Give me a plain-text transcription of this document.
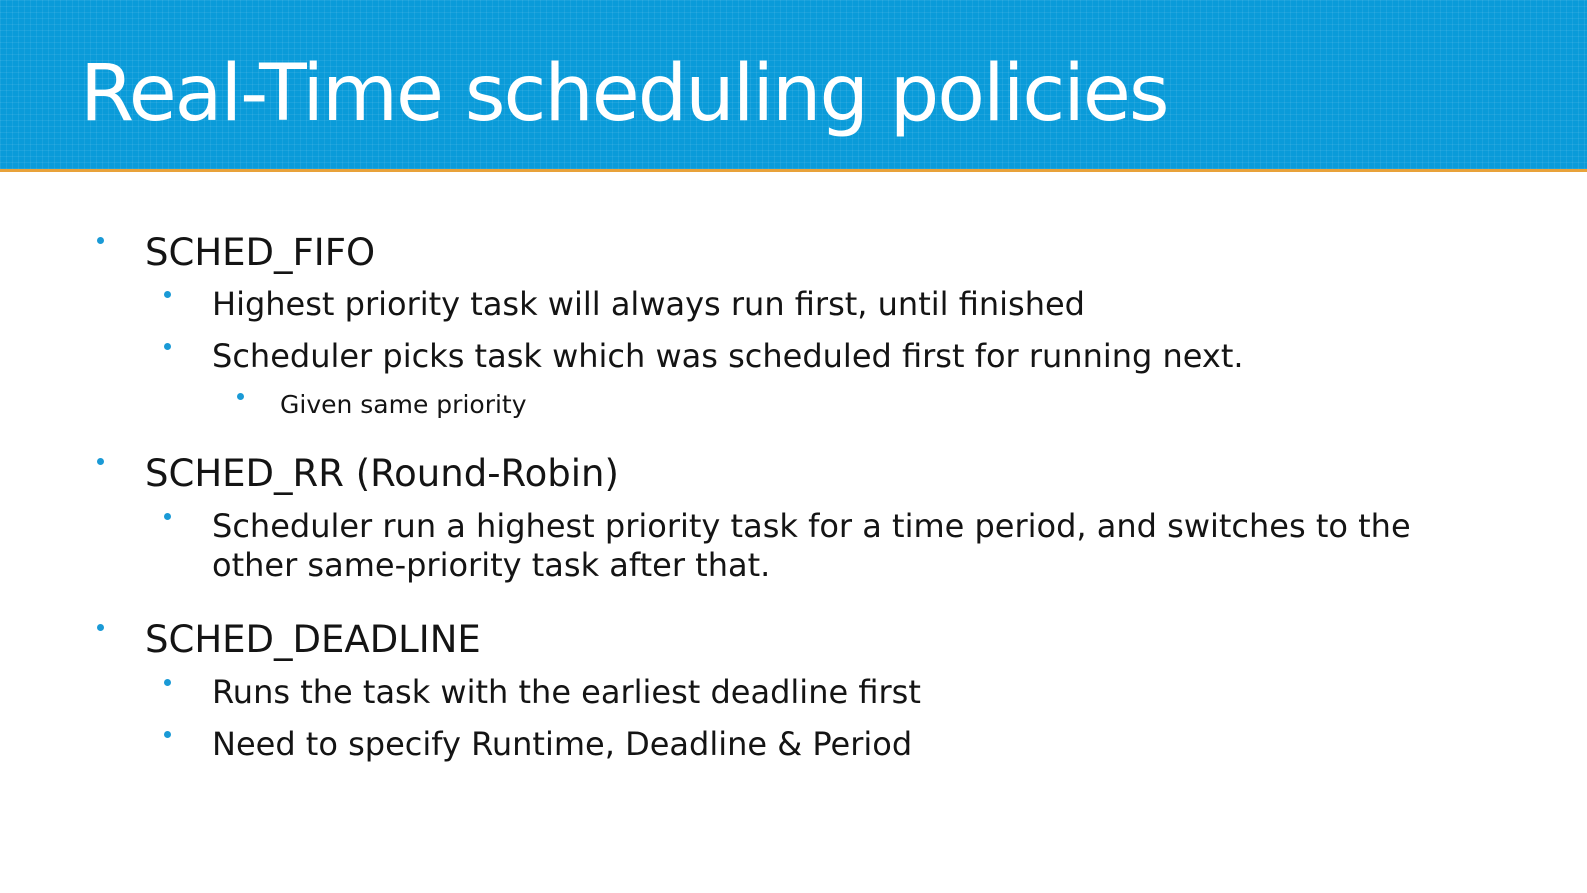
Real-Time scheduling policies
SCHED_FIFO
Highest priority task will always run first, until finished
Scheduler picks task which was scheduled first for running next.
Given same priority
SCHED_RR (Round-Robin)
Scheduler run a highest priority task for a time period, and switches to the other same-priority task after that.
SCHED_DEADLINE
Runs the task with the earliest deadline first
Need to specify Runtime, Deadline & Period
